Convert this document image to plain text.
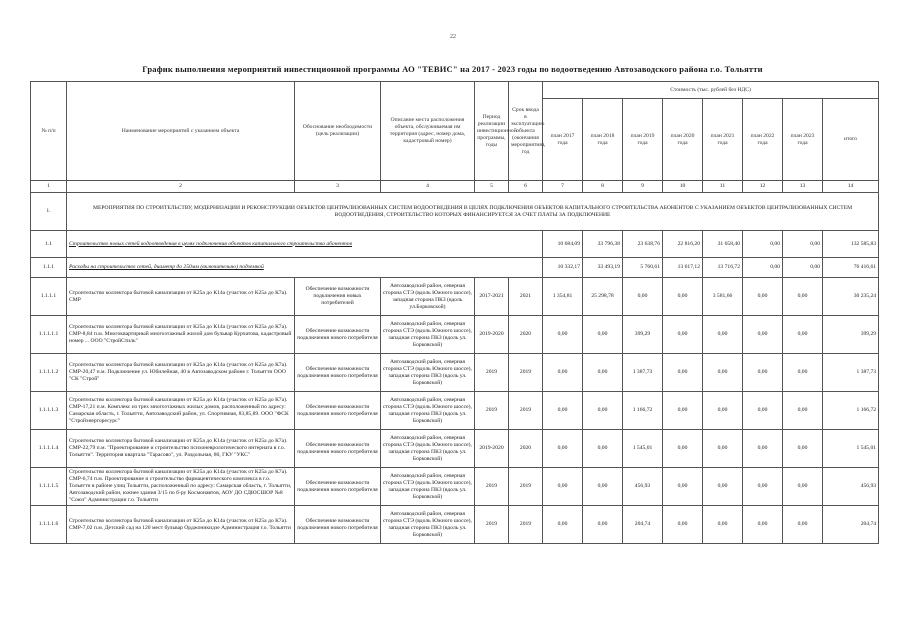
22
График выполнения мероприятий инвестиционной программы АО "ТЕВИС" на 2017 - 2023 годы по водоотведению Автозаводского района г.о. Тольятти
№ п/п	Наименование мероприятий с указанием объекта	Обоснование необходимости (цель реализации)	Описание места расположения объекта, обслуживаемая им территория (адрес, номер дома, кадастровый номер)	Период реализации инвестиционной программы, годы	Срок ввода в эксплуатацию объекта (окончания мероприятия), год	Стоимость (тыс. рублей без НДС)							
						план 2017 года	план 2018 года	план 2019 года	план 2020 года	план 2021 года	план 2022 года	план 2023 года	итого
1	2	3	4	5	6	7	8	9	10	11	12	13	14
1.	МЕРОПРИЯТИЯ ПО СТРОИТЕЛЬСТВУ, МОДЕРНИЗАЦИИ И РЕКОНСТРУКЦИИ ОБЪЕКТОВ ЦЕНТРАЛИЗОВАННЫХ СИСТЕМ ВОДООТВЕДЕНИЯ В ЦЕЛЯХ ПОДКЛЮЧЕНИЯ ОБЪЕКТОВ КАПИТАЛЬНОГО СТРОИТЕЛЬСТВА АБОНЕНТОВ С УКАЗАНИЕМ ОБЪЕКТОВ ЦЕНТРАЛИЗОВАННЫХ СИСТЕМ ВОДООТВЕДЕНИЯ, СТРОИТЕЛЬСТВО КОТОРЫХ ФИНАНСИРУЕТСЯ ЗА СЧЕТ ПЛАТЫ ЗА ПОДКЛЮЧЕНИЕ												
1.1	Строительство новых сетей водоотведения в целях подключения объектов капитального строительства абонентов					10 684,09	33 796,38	23 638,76	22 816,20	31 658,40	0,00	0,00	132 585,83
1.1.1	Расходы на строительство сетей, диаметр до 250мм (включительно) подземкой					10 332,17	33 493,19	5 760,61	13 617,12	13 716,72	0,00	0,00	76 416,61
1.1.1.1	Строительство коллектора бытовой канализации от К25а до К14а (участок от К25а до К7а). СМР	Обеспечение возможности подключения новых потребителей	Автозаводский район, северная сторона СТЭ (вдоль Южного шоссе), западная сторона ПКЗ (вдоль ул.Борковской)	2017-2021	2021	1 354,81	25 298,78	0,00	0,00	3 581,66	0,00	0,00	30 235,24
1.1.1.1.1	Строительство коллектора бытовой канализации от К25а до К14а (участок от К25а до К7а). СМР-8,84 п.м. Многоквартирный многоэтажный жилой дом бульвар Курчатова, кадастровый номер ... ООО "СтройСтиль"	Обеспечение возможности подключения нового потребителя	Автозаводский район, северная сторона СТЭ (вдоль Южного шоссе), западная сторона ПКЗ (вдоль ул. Борковской)	2019-2020	2020	0,00	0,00	399,29	0,00	0,00	0,00	0,00	399,29
1.1.1.1.2	Строительство коллектора бытовой канализации от К25а до К14а (участок от К25а до К7а). СМР-20,47 п.м. Подключение ул. Юбилейная, 40 в Автозаводском районе г. Тольятти ООО "СК "Строй"	Обеспечение возможности подключения нового потребителя	Автозаводский район, северная сторона СТЭ (вдоль Южного шоссе), западная сторона ПКЗ (вдоль ул. Борковской)	2019	2019	0,00	0,00	1 387,73	0,00	0,00	0,00	0,00	1 387,73
1.1.1.1.3	Строительство коллектора бытовой канализации от К25а до К14а (участок от К25а до К7а). СМР-17,21 п.м. Комплекс из трех многоэтажных жилых домов, расположенный по адресу: Самарская область, г. Тольятти, Автозаводский район, ул. Спортивная, 83,85,89. ООО "ФСК "Стройэнергоресурс"	Обеспечение возможности подключения нового потребителя	Автозаводский район, северная сторона СТЭ (вдоль Южного шоссе), западная сторона ПКЗ (вдоль ул. Борковской)	2019	2019	0,00	0,00	1 166,72	0,00	0,00	0,00	0,00	1 166,72
1.1.1.1.4	Строительство коллектора бытовой канализации от К25а до К14а (участок от К25а до К7а). СМР-22,79 п.м. "Проектирование и строительство психоневрологического интерната в г.о. Тольятти". Территория квартала "Тарасово", ул. Раздольная, 80, ГКУ "УКС"	Обеспечение возможности подключения нового потребителя	Автозаводский район, северная сторона СТЭ (вдоль Южного шоссе), западная сторона ПКЗ (вдоль ул. Борковской)	2019-2020	2020	0,00	0,00	1 545,01	0,00	0,00	0,00	0,00	1 545,01
1.1.1.1.5	Строительство коллектора бытовой канализации от К25а до К14а (участок от К25а до К7а). СМР-6,74 п.м. Проектирование и строительство фармацевтического комплекса в г.о. Тольятти в районе улиц Тольятти, расположенный по адресу: Самарская область, г. Тольятти, Автозаводский район, южнее здания 3/15 по б-ру Космонавтов, АОУ ДО СДЮСШОР №8 "Союз" Администрации г.о. Тольятти	Обеспечение возможности подключения нового потребителя	Автозаводский район, северная сторона СТЭ (вдоль Южного шоссе), западная сторона ПКЗ (вдоль ул. Борковской)	2019	2019	0,00	0,00	456,93	0,00	0,00	0,00	0,00	456,93
1.1.1.1.6	Строительство коллектора бытовой канализации от К25а до К14а (участок от К25а до К7а). СМР-7,02 п.м. Детский сад на 120 мест бульвар Орджоникидзе Администрация г.о. Тольятти	Обеспечение возможности подключения нового потребителя	Автозаводский район, северная сторона СТЭ (вдоль Южного шоссе), западная сторона ПКЗ (вдоль ул. Борковской)	2019	2019	0,00	0,00	204,74	0,00	0,00	0,00	0,00	204,74
